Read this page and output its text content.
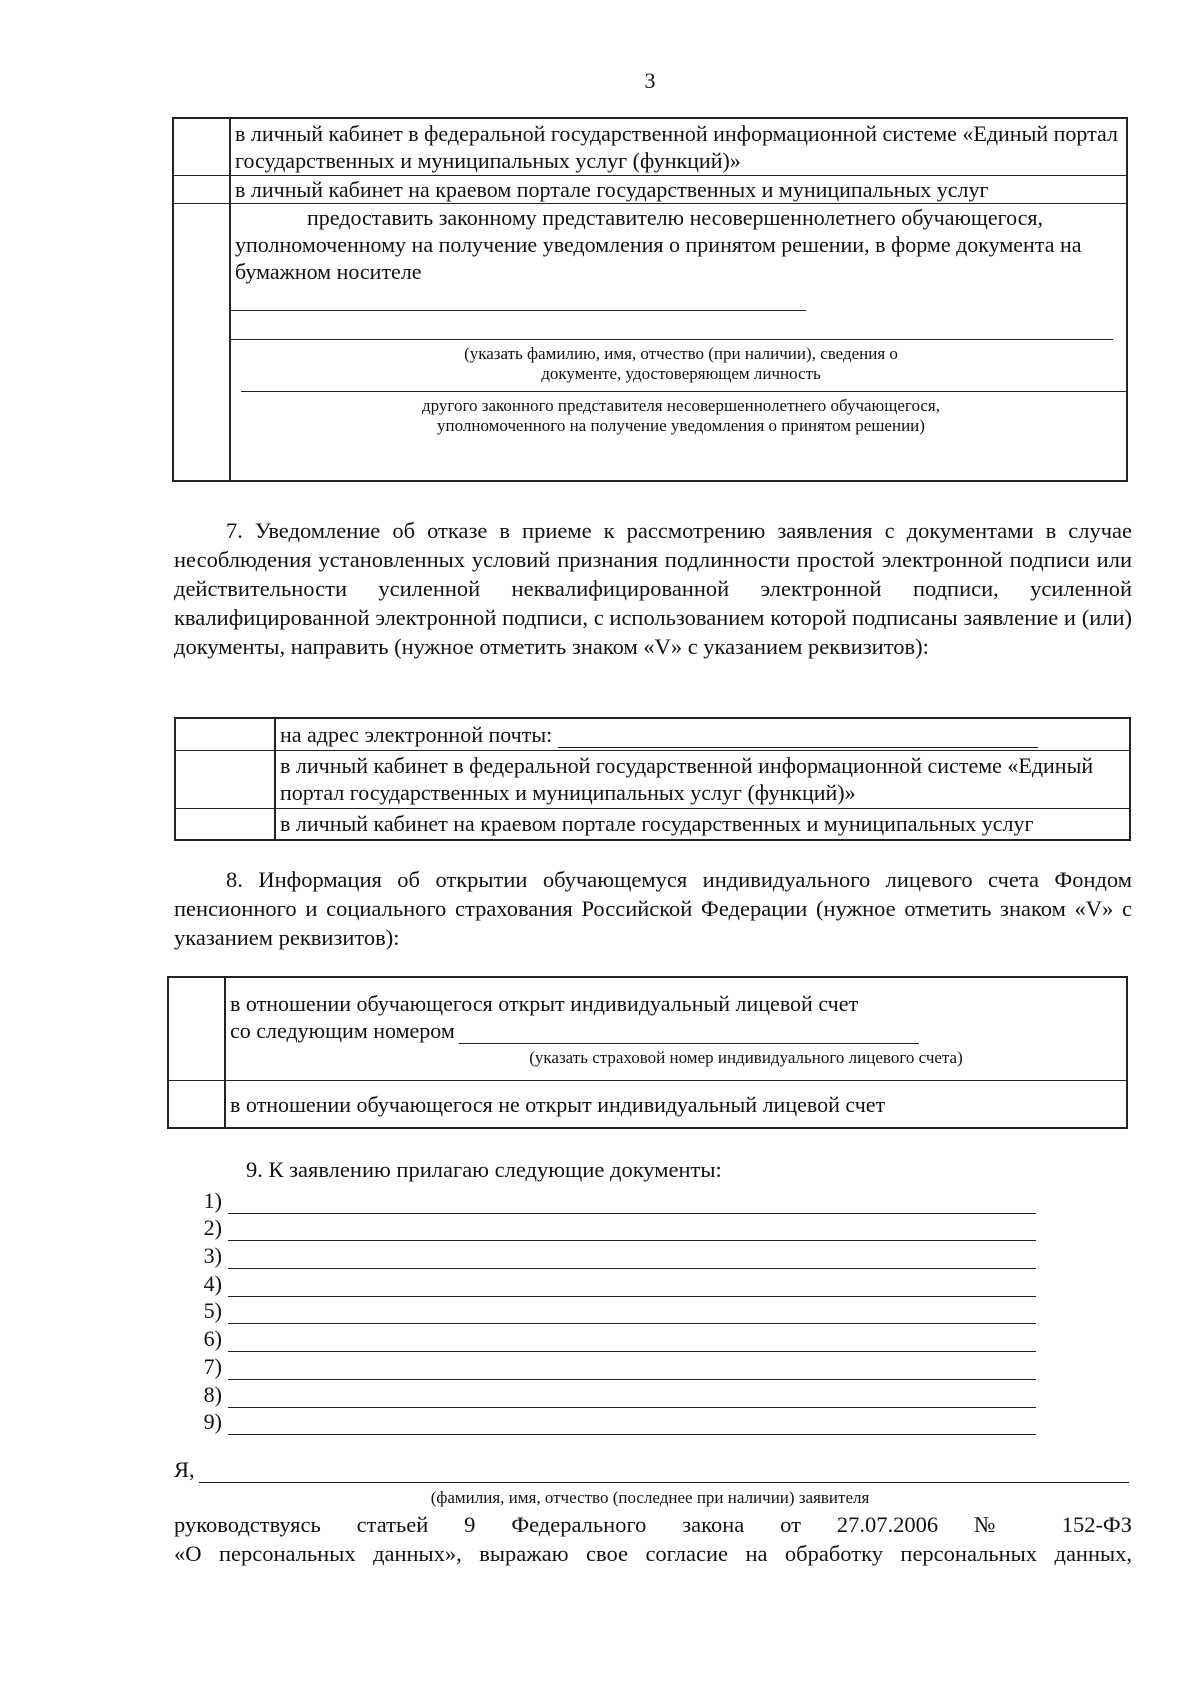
3
в личный кабинет в федеральной государственной информационной системе «Единый портал государственных и муниципальных услуг (функций)»
в личный кабинет на краевом портале государственных и муниципальных услуг
предоставить законному представителю несовершеннолетнего обучающегося, уполномоченному на получение уведомления о принятом решении, в форме документа на бумажном носителе
(указать фамилию, имя, отчество (при наличии), сведения о документе, удостоверяющем личность
другого законного представителя несовершеннолетнего обучающегося, уполномоченного на получение уведомления о принятом решении)
7. Уведомление об отказе в приеме к рассмотрению заявления с документами в случае несоблюдения установленных условий признания подлинности простой электронной подписи или действительности усиленной неквалифицированной электронной подписи, усиленной квалифицированной электронной подписи, с использованием которой подписаны заявление и (или) документы, направить (нужное отметить знаком «V» с указанием реквизитов):
на адрес электронной почты:
в личный кабинет в федеральной государственной информационной системе «Единый портал государственных и муниципальных услуг (функций)»
в личный кабинет на краевом портале государственных и муниципальных услуг
8. Информация об открытии обучающемуся индивидуального лицевого счета Фондом пенсионного и социального страхования Российской Федерации (нужное отметить знаком «V» с указанием реквизитов):
в отношении обучающегося открыт индивидуальный лицевой счет
со следующим номером
(указать страховой номер индивидуального лицевого счета)
в отношении обучающегося не открыт индивидуальный лицевой счет
9. К заявлению прилагаю следующие документы:
1)
2)
3)
4)
5)
6)
7)
8)
9)
Я,
(фамилия, имя, отчество (последнее при наличии) заявителя
руководствуясь статьей 9 Федерального закона от 27.07.2006 № 152-ФЗ
«О персональных данных», выражаю свое согласие на обработку персональных данных,
